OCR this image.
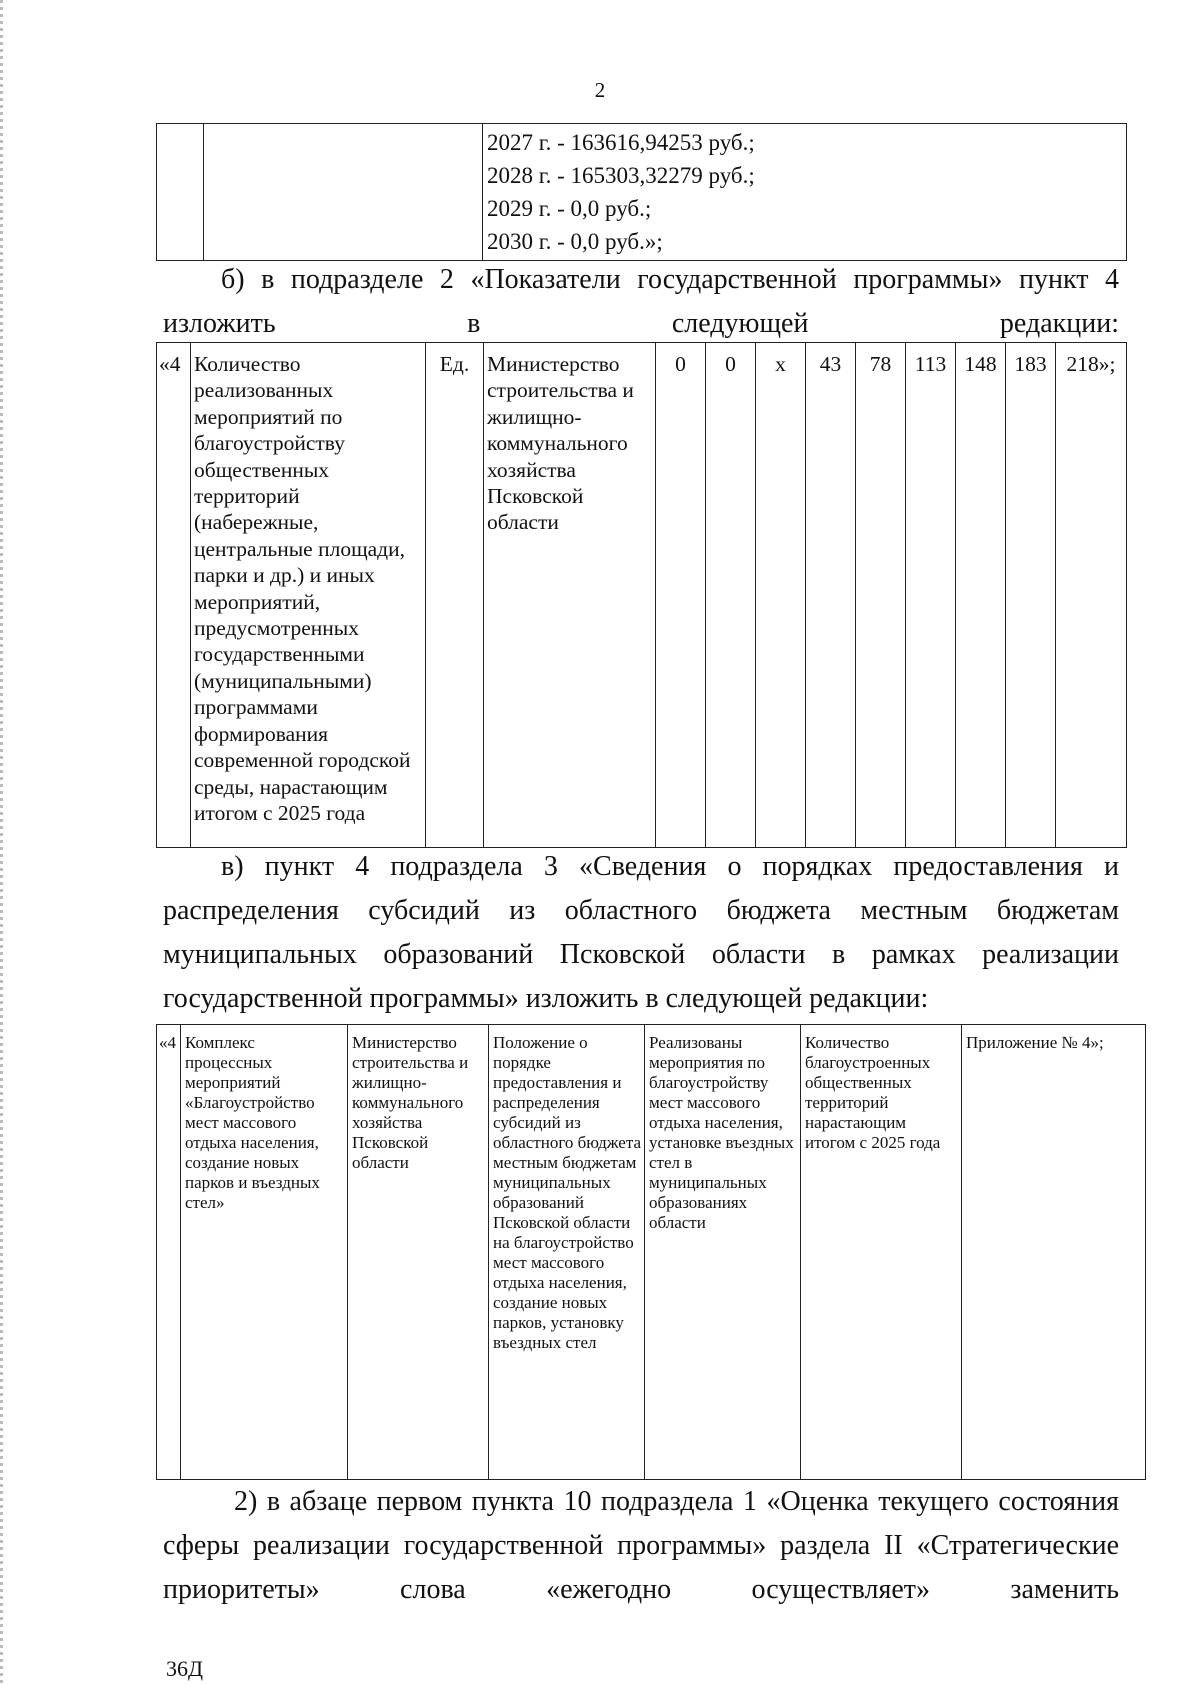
2

2027 г. - 163616,94253 руб.;
2028 г. - 165303,32279 руб.;
2029 г. - 0,0 руб.;
2030 г. - 0,0 руб.»;
б) в подразделе 2 «Показатели государственной программы» пункт 4 изложить в следующей редакции:
«4	Количество реализованных мероприятий по благоустройству общественных территорий (набережные, центральные площади, парки и др.) и иных мероприятий, предусмотренных государственными (муниципальными) программами формирования современной городской среды, нарастающим итогом с 2025 года	Ед.	Министерство строительства и жилищно-коммунального хозяйства Псковской области	0	0	х	43	78	113	148	183	218»;
в) пункт 4 подраздела 3 «Сведения о порядках предоставления и распределения субсидий из областного бюджета местным бюджетам муниципальных образований Псковской области в рамках реализации государственной программы» изложить в следующей редакции:
«4	Комплекс процессных мероприятий «Благоустройство мест массового отдыха населения, создание новых парков и въездных стел»	Министерство строительства и жилищно-коммунального хозяйства Псковской области	Положение о порядке предоставления и распределения субсидий из областного бюджета местным бюджетам муниципальных образований Псковской области на благоустройство мест массового отдыха населения, создание новых парков, установку въездных стел	Реализованы мероприятия по благоустройству мест массового отдыха населения, установке въездных стел в муниципальных образованиях области	Количество благоустроенных общественных территорий нарастающим итогом с 2025 года	Приложение № 4»;
2) в абзаце первом пункта 10 подраздела 1 «Оценка текущего состояния сферы реализации государственной программы» раздела II «Стратегические приоритеты» слова «ежегодно осуществляет» заменить
36Д
